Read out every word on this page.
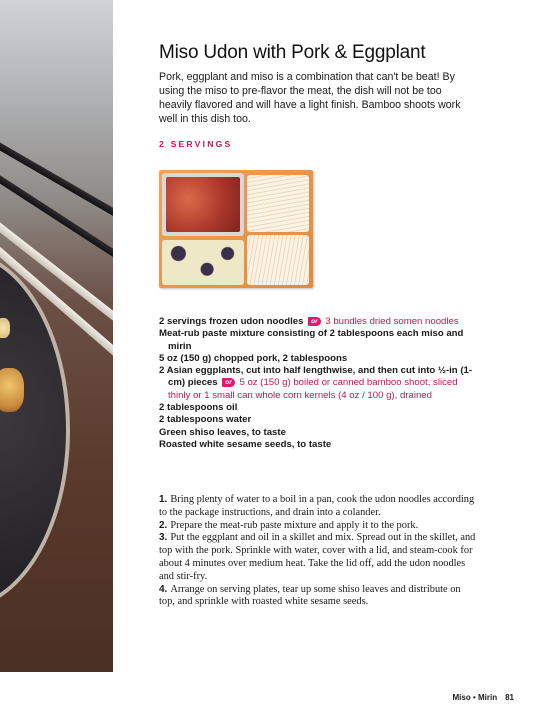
Miso Udon with Pork & Eggplant

Pork, eggplant and miso is a combination that can't be beat! By using the miso to pre-flavor the meat, the dish will not be too heavily flavored and will have a light finish. Bamboo shoots work well in this dish too.

2 SERVINGS
2 servings frozen udon noodles or 3 bundles dried somen noodles
Meat-rub paste mixture consisting of 2 tablespoons each miso and mirin
5 oz (150 g) chopped pork, 2 tablespoons
2 Asian eggplants, cut into half lengthwise, and then cut into ½-in (1-cm) pieces or 5 oz (150 g) boiled or canned bamboo shoot, sliced thinly or 1 small can whole corn kernels (4 oz / 100 g), drained
2 tablespoons oil
2 tablespoons water
Green shiso leaves, to taste
Roasted white sesame seeds, to taste
1. Bring plenty of water to a boil in a pan, cook the udon noodles according to the package instructions, and drain into a colander.
2. Prepare the meat-rub paste mixture and apply it to the pork.
3. Put the eggplant and oil in a skillet and mix. Spread out in the skillet, and top with the pork. Sprinkle with water, cover with a lid, and steam-cook for about 4 minutes over medium heat. Take the lid off, add the udon noodles and stir-fry.
4. Arrange on serving plates, tear up some shiso leaves and distribute on top, and sprinkle with roasted white sesame seeds.
Miso • Mirin 81
